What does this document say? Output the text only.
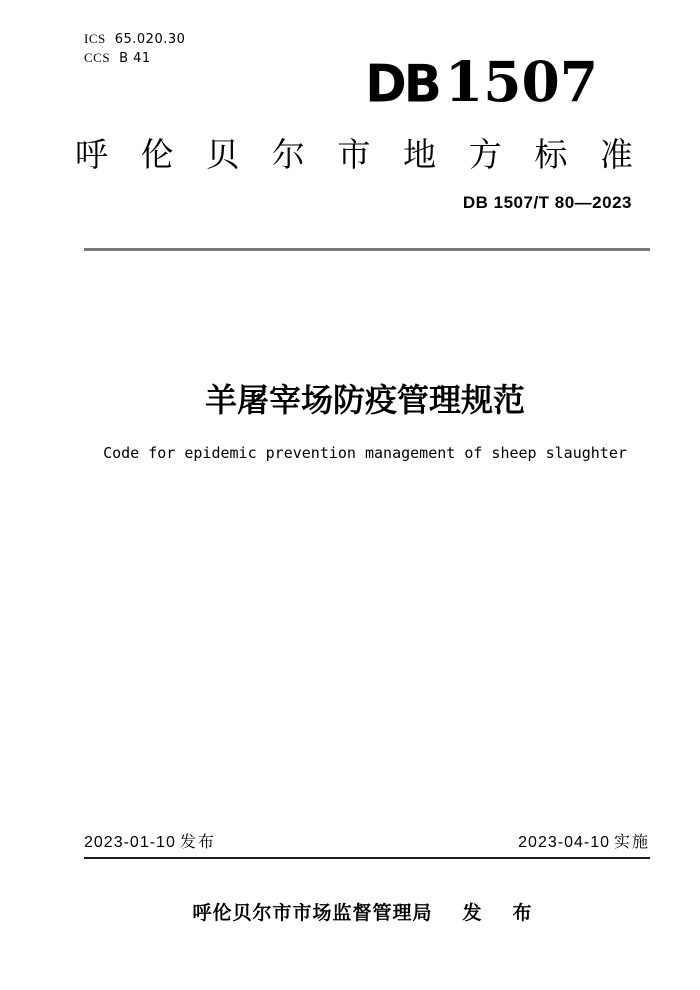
ICS 65.020.30
CCS B 41	DB 1507
呼 伦 贝 尔 市 地 方 标 准
DB 1507/T 80—2023
羊屠宰场防疫管理规范
Code for epidemic prevention management of sheep slaughter
2023-01-10 发布	2023-04-10 实施
呼伦贝尔市市场监督管理局 发　布
